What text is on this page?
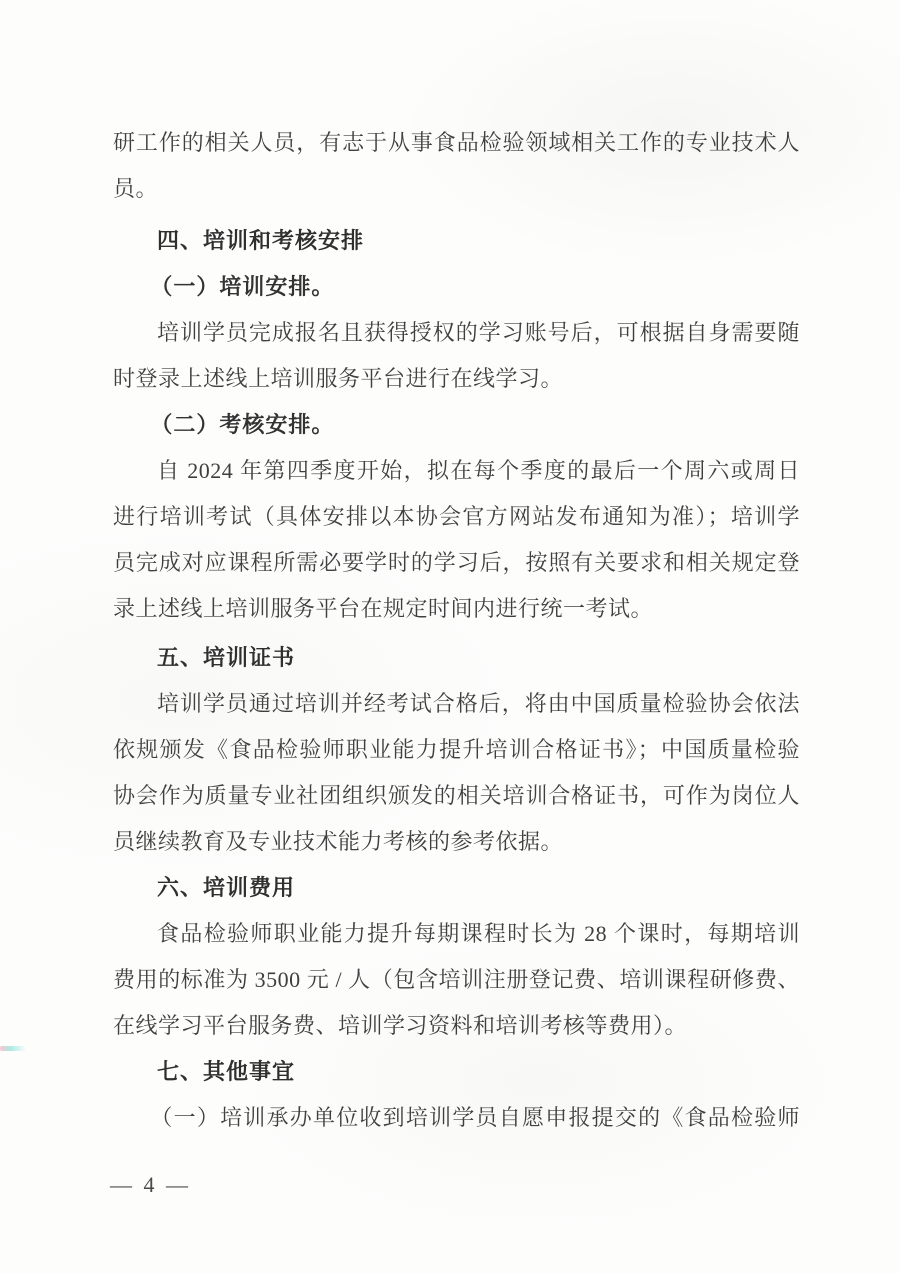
研工作的相关人员，有志于从事食品检验领域相关工作的专业技术人

员。

四、培训和考核安排

（一）培训安排。

培训学员完成报名且获得授权的学习账号后，可根据自身需要随

时登录上述线上培训服务平台进行在线学习。

（二）考核安排。

自 2024 年第四季度开始，拟在每个季度的最后一个周六或周日

进行培训考试（具体安排以本协会官方网站发布通知为准）；培训学

员完成对应课程所需必要学时的学习后，按照有关要求和相关规定登

录上述线上培训服务平台在规定时间内进行统一考试。

五、培训证书

培训学员通过培训并经考试合格后，将由中国质量检验协会依法

依规颁发《食品检验师职业能力提升培训合格证书》；中国质量检验

协会作为质量专业社团组织颁发的相关培训合格证书，可作为岗位人

员继续教育及专业技术能力考核的参考依据。

六、培训费用

食品检验师职业能力提升每期课程时长为 28 个课时，每期培训

费用的标准为 3500 元 / 人（包含培训注册登记费、培训课程研修费、

在线学习平台服务费、培训学习资料和培训考核等费用）。

七、其他事宜

（一）培训承办单位收到培训学员自愿申报提交的《食品检验师

— 4 —
